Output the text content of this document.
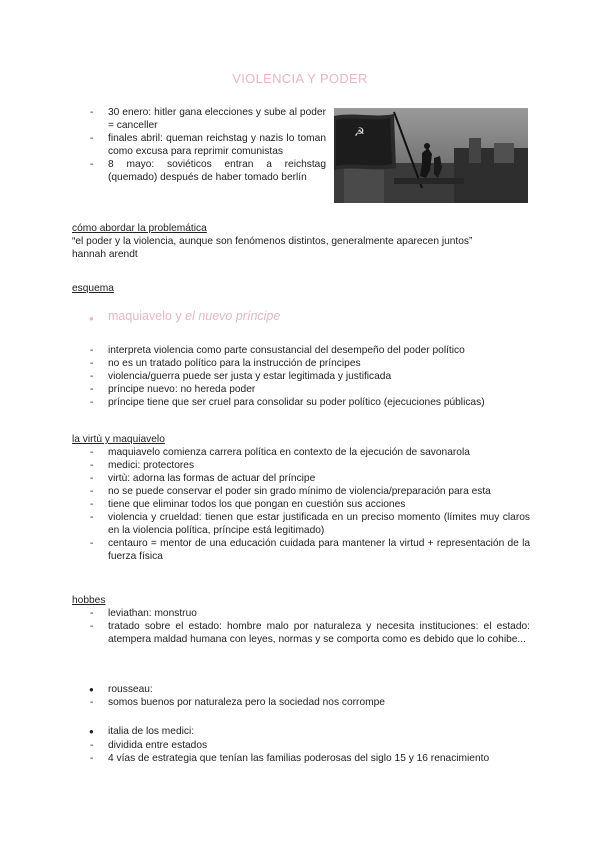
VIOLENCIA Y PODER
- 30 enero: hitler gana elecciones y sube al poder = canceller
- finales abril: queman reichstag y nazis lo toman como excusa para reprimir comunistas
- 8 mayo: soviéticos entran a reichstag (quemado) después de haber tomado berlín
☭
cómo abordar la problemática
“el poder y la violencia, aunque son fenómenos distintos, generalmente aparecen juntos”
hannah arendt
esquema
● maquiavelo y el nuevo príncipe
- interpreta violencia como parte consustancial del desempeño del poder político
- no es un tratado político para la instrucción de príncipes
- violencia/guerra puede ser justa y estar legitimada y justificada
- príncipe nuevo: no hereda poder
- príncipe tiene que ser cruel para consolidar su poder político (ejecuciones públicas)
la virtù y maquiavelo
- maquiavelo comienza carrera política en contexto de la ejecución de savonarola
- medici: protectores
- virtù: adorna las formas de actuar del príncipe
- no se puede conservar el poder sin grado mínimo de violencia/preparación para esta
- tiene que eliminar todos los que pongan en cuestión sus acciones
- violencia y crueldad: tienen que estar justificada en un preciso momento (límites muy claros en la violencia política, príncipe está legitimado)
- centauro = mentor de una educación cuidada para mantener la virtud + representación de la fuerza física
hobbes
- leviathan: monstruo
- tratado sobre el estado: hombre malo por naturaleza y necesita instituciones: el estado: atempera maldad humana con leyes, normas y se comporta como es debido que lo cohibe...
● rousseau:
- somos buenos por naturaleza pero la sociedad nos corrompe
● italia de los medici:
- dividida entre estados
- 4 vías de estrategia que tenían las familias poderosas del siglo 15 y 16 renacimiento
